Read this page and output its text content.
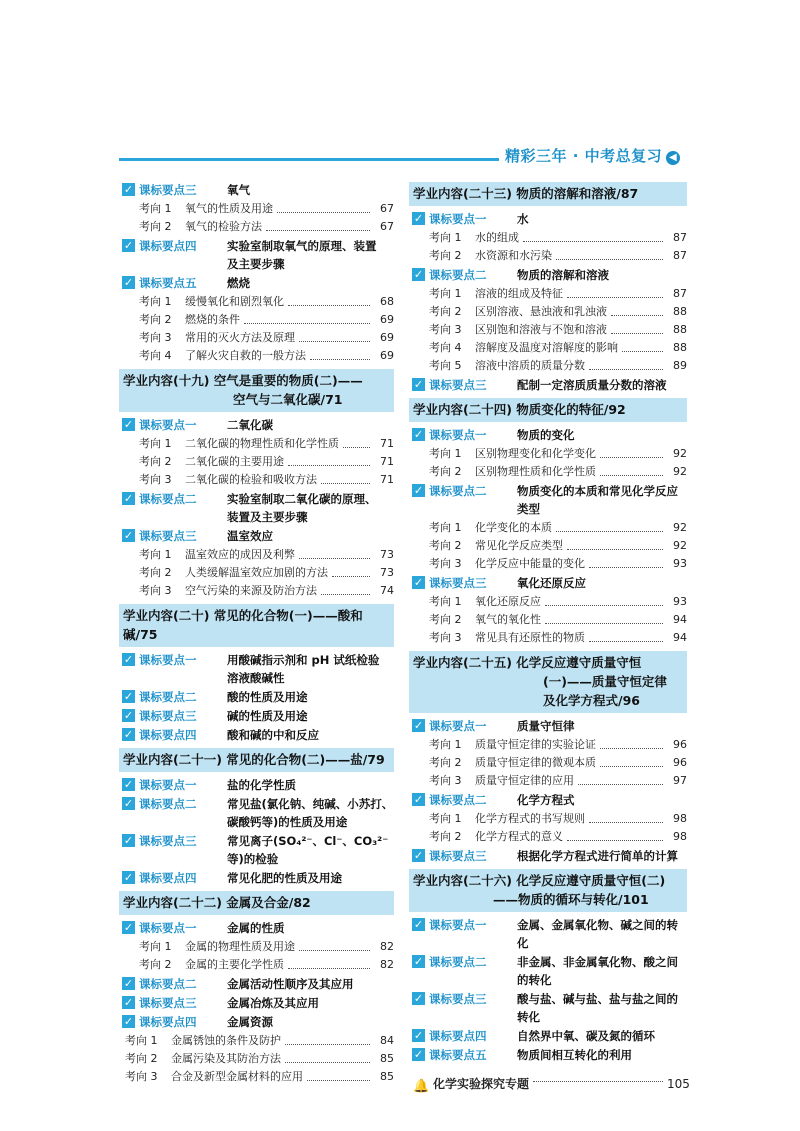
精彩三年 · 中考总复习 ◀
✓ 课标要点三	氧气
考向 1	氧气的性质及用途	67
考向 2	氧气的检验方法	67
✓ 课标要点四	实验室制取氧气的原理、装置
及主要步骤
✓ 课标要点五	燃烧
考向 1	缓慢氧化和剧烈氧化	68
考向 2	燃烧的条件	69
考向 3	常用的灭火方法及原理	69
考向 4	了解火灾自救的一般方法	69
学业内容(十九) 空气是重要的物质(二)——
空气与二氧化碳/71
✓ 课标要点一	二氧化碳
考向 1	二氧化碳的物理性质和化学性质	71
考向 2	二氧化碳的主要用途	71
考向 3	二氧化碳的检验和吸收方法	71
✓ 课标要点二	实验室制取二氧化碳的原理、
装置及主要步骤
✓ 课标要点三	温室效应
考向 1	温室效应的成因及利弊	73
考向 2	人类缓解温室效应加剧的方法	73
考向 3	空气污染的来源及防治方法	74
学业内容(二十) 常见的化合物(一)——酸和碱/75
✓ 课标要点一	用酸碱指示剂和 pH 试纸检验
溶液酸碱性
✓ 课标要点二	酸的性质及用途
✓ 课标要点三	碱的性质及用途
✓ 课标要点四	酸和碱的中和反应
学业内容(二十一) 常见的化合物(二)——盐/79
✓ 课标要点一	盐的化学性质
✓ 课标要点二	常见盐(氯化钠、纯碱、小苏打、
碳酸钙等)的性质及用途
✓ 课标要点三	常见离子(SO₄²⁻、Cl⁻、CO₃²⁻ 等)的检验
✓ 课标要点四	常见化肥的性质及用途
学业内容(二十二) 金属及合金/82
✓ 课标要点一	金属的性质
考向 1	金属的物理性质及用途	82
考向 2	金属的主要化学性质	82
✓ 课标要点二	金属活动性顺序及其应用
✓ 课标要点三	金属冶炼及其应用
✓ 课标要点四	金属资源
考向 1	金属锈蚀的条件及防护	84
考向 2	金属污染及其防治方法	85
考向 3	合金及新型金属材料的应用	85
学业内容(二十三) 物质的溶解和溶液/87
✓ 课标要点一	水
考向 1	水的组成	87
考向 2	水资源和水污染	87
✓ 课标要点二	物质的溶解和溶液
考向 1	溶液的组成及特征	87
考向 2	区别溶液、悬浊液和乳浊液	88
考向 3	区别饱和溶液与不饱和溶液	88
考向 4	溶解度及温度对溶解度的影响	88
考向 5	溶液中溶质的质量分数	89
✓ 课标要点三	配制一定溶质质量分数的溶液
学业内容(二十四) 物质变化的特征/92
✓ 课标要点一	物质的变化
考向 1	区别物理变化和化学变化	92
考向 2	区别物理性质和化学性质	92
✓ 课标要点二	物质变化的本质和常见化学反应
类型
考向 1	化学变化的本质	92
考向 2	常见化学反应类型	92
考向 3	化学反应中能量的变化	93
✓ 课标要点三	氧化还原反应
考向 1	氧化还原反应	93
考向 2	氧气的氧化性	94
考向 3	常见具有还原性的物质	94
学业内容(二十五) 化学反应遵守质量守恒
(一)——质量守恒定律
及化学方程式/96
✓ 课标要点一	质量守恒律
考向 1	质量守恒定律的实验论证	96
考向 2	质量守恒定律的微观本质	96
考向 3	质量守恒定律的应用	97
✓ 课标要点二	化学方程式
考向 1	化学方程式的书写规则	98
考向 2	化学方程式的意义	98
✓ 课标要点三	根据化学方程式进行简单的计算
学业内容(二十六) 化学反应遵守质量守恒(二)
——物质的循环与转化/101
✓ 课标要点一	金属、金属氧化物、碱之间的转化
✓ 课标要点二	非金属、非金属氧化物、酸之间的转化
✓ 课标要点三	酸与盐、碱与盐、盐与盐之间的转化
✓ 课标要点四	自然界中氧、碳及氮的循环
✓ 课标要点五	物质间相互转化的利用
🔔 化学实验探究专题	105
